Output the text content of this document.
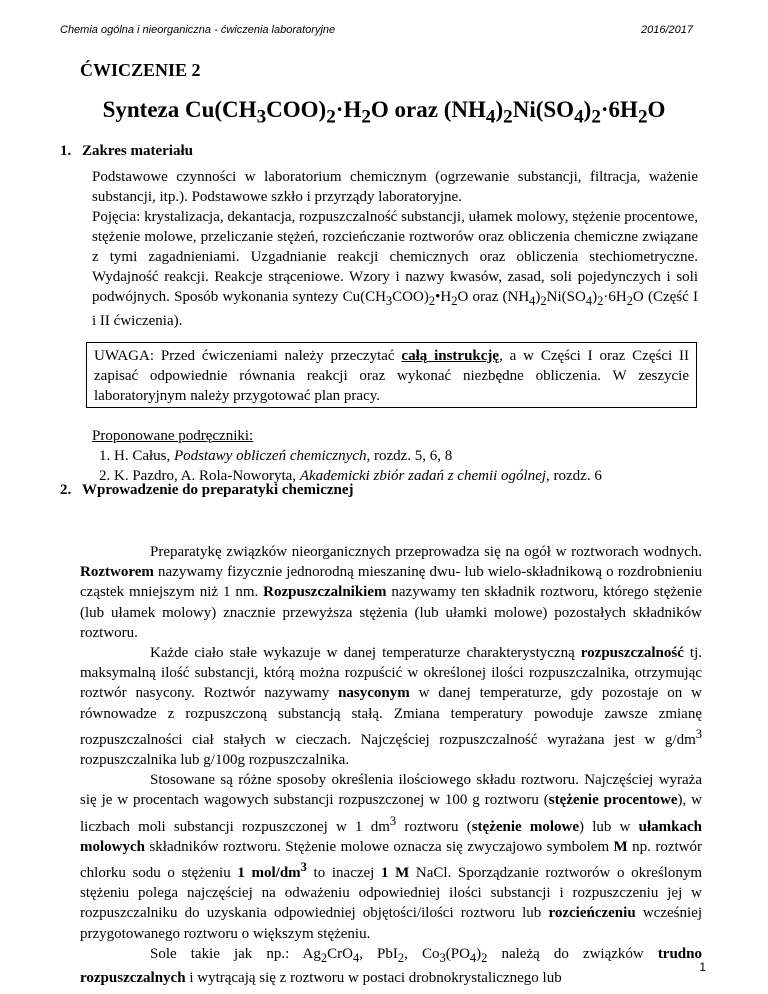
Chemia ogólna i nieorganiczna - ćwiczenia laboratoryjne	2016/2017
ĆWICZENIE 2
Synteza $Cu(CH_3COO)_2\cdot H_2O$ oraz $(NH_4)_2Ni(SO_4)_2\cdot 6H_2O$
1. Zakres materiału

Podstawowe czynności w laboratorium chemicznym (ogrzewanie substancji, filtracja, ważenie substancji, itp.). Podstawowe szkło i przyrządy laboratoryjne.

Pojęcia: krystalizacja, dekantacja, rozpuszczalność substancji, ułamek molowy, stężenie procentowe, stężenie molowe, przeliczanie stężeń, rozcieńczanie roztworów oraz obliczenia chemiczne związane z tymi zagadnieniami. Uzgadnianie reakcji chemicznych oraz obliczenia stechiometryczne. Wydajność reakcji. Reakcje strąceniowe. Wzory i nazwy kwasów, zasad, soli pojedynczych i soli podwójnych. Sposób wykonania syntezy $Cu(CH_3COO)_2•H_2O$ oraz $(NH_4)_2Ni(SO_4)_2\cdot 6H_2O$ (Część I i II ćwiczenia).

UWAGA: Przed ćwiczeniami należy przeczytać całą instrukcję, a w Części I oraz Części II zapisać odpowiednie równania reakcji oraz wykonać niezbędne obliczenia. W zeszycie laboratoryjnym należy przygotować plan pracy.
Proponowane podręczniki:
1. H. Całus, Podstawy obliczeń chemicznych, rozdz. 5, 6, 8
2. K. Pazdro, A. Rola-Noworyta, Akademicki zbiór zadań z chemii ogólnej, rozdz. 6
2. Wprowadzenie do preparatyki chemicznej

Preparatykę związków nieorganicznych przeprowadza się na ogół w roztworach wodnych. Roztworem nazywamy fizycznie jednorodną mieszaninę dwu- lub wielo-składnikową o rozdrobnieniu cząstek mniejszym niż 1 nm. Rozpuszczalnikiem nazywamy ten składnik roztworu, którego stężenie (lub ułamek molowy) znacznie przewyższa stężenia (lub ułamki molowe) pozostałych składników roztworu.

Każde ciało stałe wykazuje w danej temperaturze charakterystyczną rozpuszczalność tj. maksymalną ilość substancji, którą można rozpuścić w określonej ilości rozpuszczalnika, otrzymując roztwór nasycony. Roztwór nazywamy nasyconym w danej temperaturze, gdy pozostaje on w równowadze z rozpuszczoną substancją stałą. Zmiana temperatury powoduje zawsze zmianę rozpuszczalności ciał stałych w cieczach. Najczęściej rozpuszczalność wyrażana jest w $g/dm^3$ rozpuszczalnika lub g/100g rozpuszczalnika.

Stosowane są różne sposoby określenia ilościowego składu roztworu. Najczęściej wyraża się je w procentach wagowych substancji rozpuszczonej w 100 g roztworu (stężenie procentowe), w liczbach moli substancji rozpuszczonej w 1 $dm^3$ roztworu (stężenie molowe) lub w ułamkach molowych składników roztworu. Stężenie molowe oznacza się zwyczajowo symbolem M np. roztwór chlorku sodu o stężeniu 1 mol/$dm^3$ to inaczej 1 M NaCl. Sporządzanie roztworów o określonym stężeniu polega najczęściej na odważeniu odpowiedniej ilości substancji i rozpuszczeniu jej w rozpuszczalniku do uzyskania odpowiedniej objętości/ilości roztworu lub rozcieńczeniu wcześniej przygotowanego roztworu o większym stężeniu.

Sole takie jak np.: $Ag_2CrO_4$, PbI$_2$, $Co_3(PO_4)_2$ należą do związków trudno rozpuszczalnych i wytrącają się z roztworu w postaci drobnokrystalicznego lub

1
